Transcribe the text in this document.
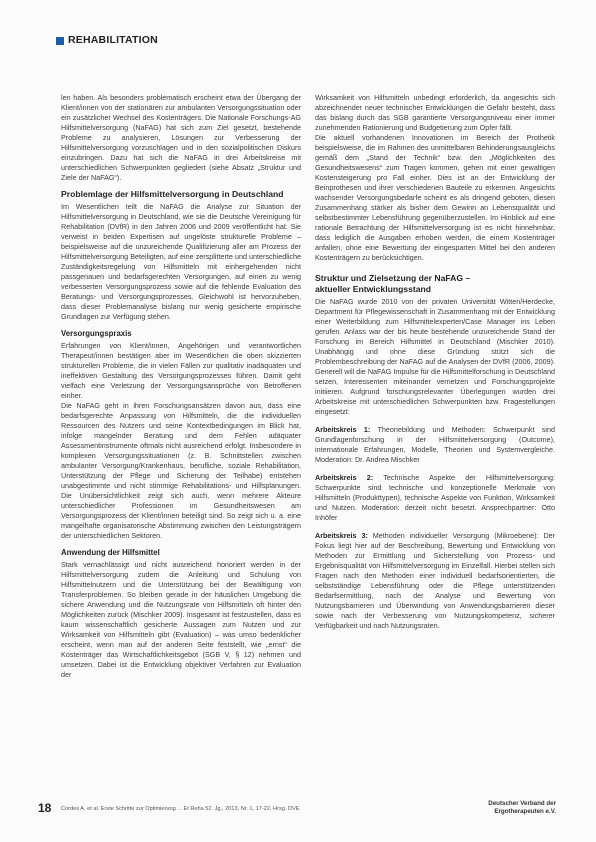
REHABILITATION

len haben. Als besonders problematisch erscheint etwa der Übergang der Klient/innen von der stationären zur ambulanten Versorgungssituation oder ein zusätzlicher Wechsel des Kostenträgers. Die Nationale Forschungs-AG Hilfsmittelversorgung (NaFAG) hat sich zum Ziel gesetzt, bestehende Probleme zu analysieren, Lösungen zur Verbesserung der Hilfsmittelversorgung vorzuschlagen und in den sozialpolitischen Diskurs einzubringen. Dazu hat sich die NaFAG in drei Arbeitskreise mit unterschiedlichen Schwerpunkten gegliedert (siehe Absatz „Struktur und Ziele der NaFAG“).

Problemlage der Hilfsmittelversorgung in Deutschland

Im Wesentlichen teilt die NaFAG die Analyse zur Situation der Hilfsmittelversorgung in Deutschland, wie sie die Deutsche Vereinigung für Rehabilitation (DVfR) in den Jahren 2006 und 2009 veröffentlicht hat. Sie verweist in beiden Expertisen auf ungelöste strukturelle Probleme – beispielsweise auf die unzureichende Qualifizierung aller am Prozess der Hilfsmittelversorgung Beteiligten, auf eine zersplitterte und unterschiedliche Zuständigkeitsregelung von Hilfsmitteln mit einhergehenden nicht passgenauen und bedarfsgerechten Versorgungen, auf einen zu wenig verbesserten Versorgungsprozess sowie auf die fehlende Evaluation des Beratungs- und Versorgungsprozesses. Gleichwohl ist hervorzuheben, dass dieser Problemanalyse bislang nur wenig gesicherte empirische Grundlagen zur Verfügung stehen.

Versorgungspraxis

Erfahrungen von Klient/innen, Angehörigen und verantwortlichen Therapeut/innen bestätigen aber im Wesentlichen die oben skizzierten strukturellen Probleme, die in vielen Fällen zur qualitativ inadäquaten und ineffektiven Gestaltung des Versorgungsprozesses führen. Damit geht vielfach eine Verletzung der Versorgungsansprüche von Betroffenen einher.

Die NaFAG geht in ihren Forschungsansätzen davon aus, dass eine bedarfsgerechte Anpassung von Hilfsmitteln, die die individuellen Ressourcen des Nutzers und seine Kontextbedingungen im Blick hat, infolge mangelnder Beratung und dem Fehlen adäquater Assessmentinstrumente oftmals nicht ausreichend erfolgt. Insbesondere in komplexen Versorgungssituationen (z. B. Schnittstellen zwischen ambulanter Versorgung/Krankenhaus, berufliche, soziale Rehabilitation, Unterstützung der Pflege und Sicherung der Teilhabe) entstehen unabgestimmte und nicht stimmige Rehabilitations- und Hilfsplanungen. Die Unübersichtlichkeit zeigt sich auch, wenn mehrere Akteure unterschiedlicher Professionen im Gesundheitswesen am Versorgungsprozess der Klient/innen beteiligt sind. So zeigt sich u. a. eine mangelhafte organisatorische Abstimmung zwischen den Leistungsträgern der unterschiedlichen Sektoren.

Anwendung der Hilfsmittel

Stark vernachlässigt und nicht ausreichend honoriert werden in der Hilfsmittelversorgung zudem die Anleitung und Schulung von Hilfsmittelnutzern und die Unterstützung bei der Bewältigung von Transferproblemen. So bleiben gerade in der häuslichen Umgebung die sichere Anwendung und die Nutzungsrate von Hilfsmitteln oft hinter den Möglichkeiten zurück (Mischker 2009). Insgesamt ist festzustellen, dass es kaum wissenschaftlich gesicherte Aussagen zum Nutzen und zur Wirksamkeit von Hilfsmitteln gibt (Evaluation) – was umso bedenklicher erscheint, wenn man auf der anderen Seite feststellt, wie „ernst“ die Kostenträger das Wirtschaftlichkeitsgebot (SGB V, § 12) nehmen und umsetzen. Dabei ist die Entwicklung objektiver Verfahren zur Evaluation der

Wirksamkeit von Hilfsmitteln unbedingt erforderlich, da angesichts sich abzeichnender neuer technischer Entwicklungen die Gefahr besteht, dass das bislang durch das SGB garantierte Versorgungsniveau einer immer zunehmenden Rationierung und Budgetierung zum Opfer fällt.

Die aktuell vorhandenen Innovationen im Bereich der Prothetik beispielsweise, die im Rahmen des unmittelbaren Behinderungsausgleichs gemäß dem „Stand der Technik“ bzw. den „Möglichkeiten des Gesundheitswesens“ zum Tragen kommen, gehen mit einer gewaltigen Kostensteigerung pro Fall einher. Dies ist an der Entwicklung der Beinprothesen und ihrer verschiedenen Bauteile zu erkennen. Angesichts wachsender Versorgungsbedarfe scheint es als dringend geboten, diesen Zusammenhang stärker als bisher dem Gewinn an Lebensqualität und selbstbestimmter Lebensführung gegenüberzustellen. Im Hinblick auf eine rationale Betrachtung der Hilfsmittelversorgung ist es nicht hinnehmbar, dass lediglich die Ausgaben erhoben werden, die einem Kostenträger anfallen, ohne eine Bewertung der eingesparten Mittel bei den anderen Kostenträgern zu berücksichtigen.

Struktur und Zielsetzung der NaFAG –
aktueller Entwicklungsstand

Die NaFAG wurde 2010 von der privaten Universität Witten/Herdecke, Department für Pflegewissenschaft in Zusammenhang mit der Entwicklung einer Weiterbildung zum Hilfsmittelexperten/Case Manager ins Leben gerufen. Anlass war der bis heute bestehende unzureichende Stand der Forschung im Bereich Hilfsmittel in Deutschland (Mischker 2010). Unabhängig und ohne diese Gründung stützt sich die Problembeschreibung der NaFAG auf die Analysen der DVfR (2006, 2009). Generell will die NaFAG Impulse für die Hilfsmittelforschung in Deutschland setzen, Interessenten miteinander vernetzen und Forschungsprojekte initiieren. Aufgrund forschungsrelevanter Überlegungen wurden drei Arbeitskreise mit unterschiedlichen Schwerpunkten bzw. Fragestellungen eingesetzt:

Arbeitskreis 1: Theoriebildung und Methoden: Schwerpunkt sind Grundlagenforschung in der Hilfsmittelversorgung (Outcome), internationale Erfahrungen, Modelle, Theorien und Systemvergleiche. Moderation: Dr. Andrea Mischker

Arbeitskreis 2: Technische Aspekte der Hilfsmittelversorgung: Schwerpunkte sind technische und konzeptionelle Merkmale von Hilfsmitteln (Produkttypen), technische Aspekte von Funktion, Wirksamkeit und Nutzen. Moderation: derzeit nicht besetzt. Ansprechpartner: Otto Inhöfer

Arbeitskreis 3: Methoden individueller Versorgung (Mikroebene): Der Fokus liegt hier auf der Beschreibung, Bewertung und Entwicklung von Methoden zur Ermittlung und Sicherstellung von Prozess- und Ergebnisqualität von Hilfsmittelversorgung im Einzelfall. Hierbei stellen sich Fragen nach den Methoden einer individuell bedarfsorientierten, die selbstständige Lebensführung oder die Pflege unterstützenden Bedarfsermittlung, nach der Analyse und Bewertung von Nutzungsbarrieren und Überwindung von Anwendungsbarrieren dieser sowie nach der Verbesserung von Nutzungskompetenz, sicherer Verfügbarkeit und nach Nutzungsraten.

18 Cordes A. et al. Erste Schritte zur Optimierung ... Et Reha 52. Jg., 2013, Nr. 1, 17-22, Hrsg. DVE
Deutscher Verband der
Ergotherapeuten e.V.
